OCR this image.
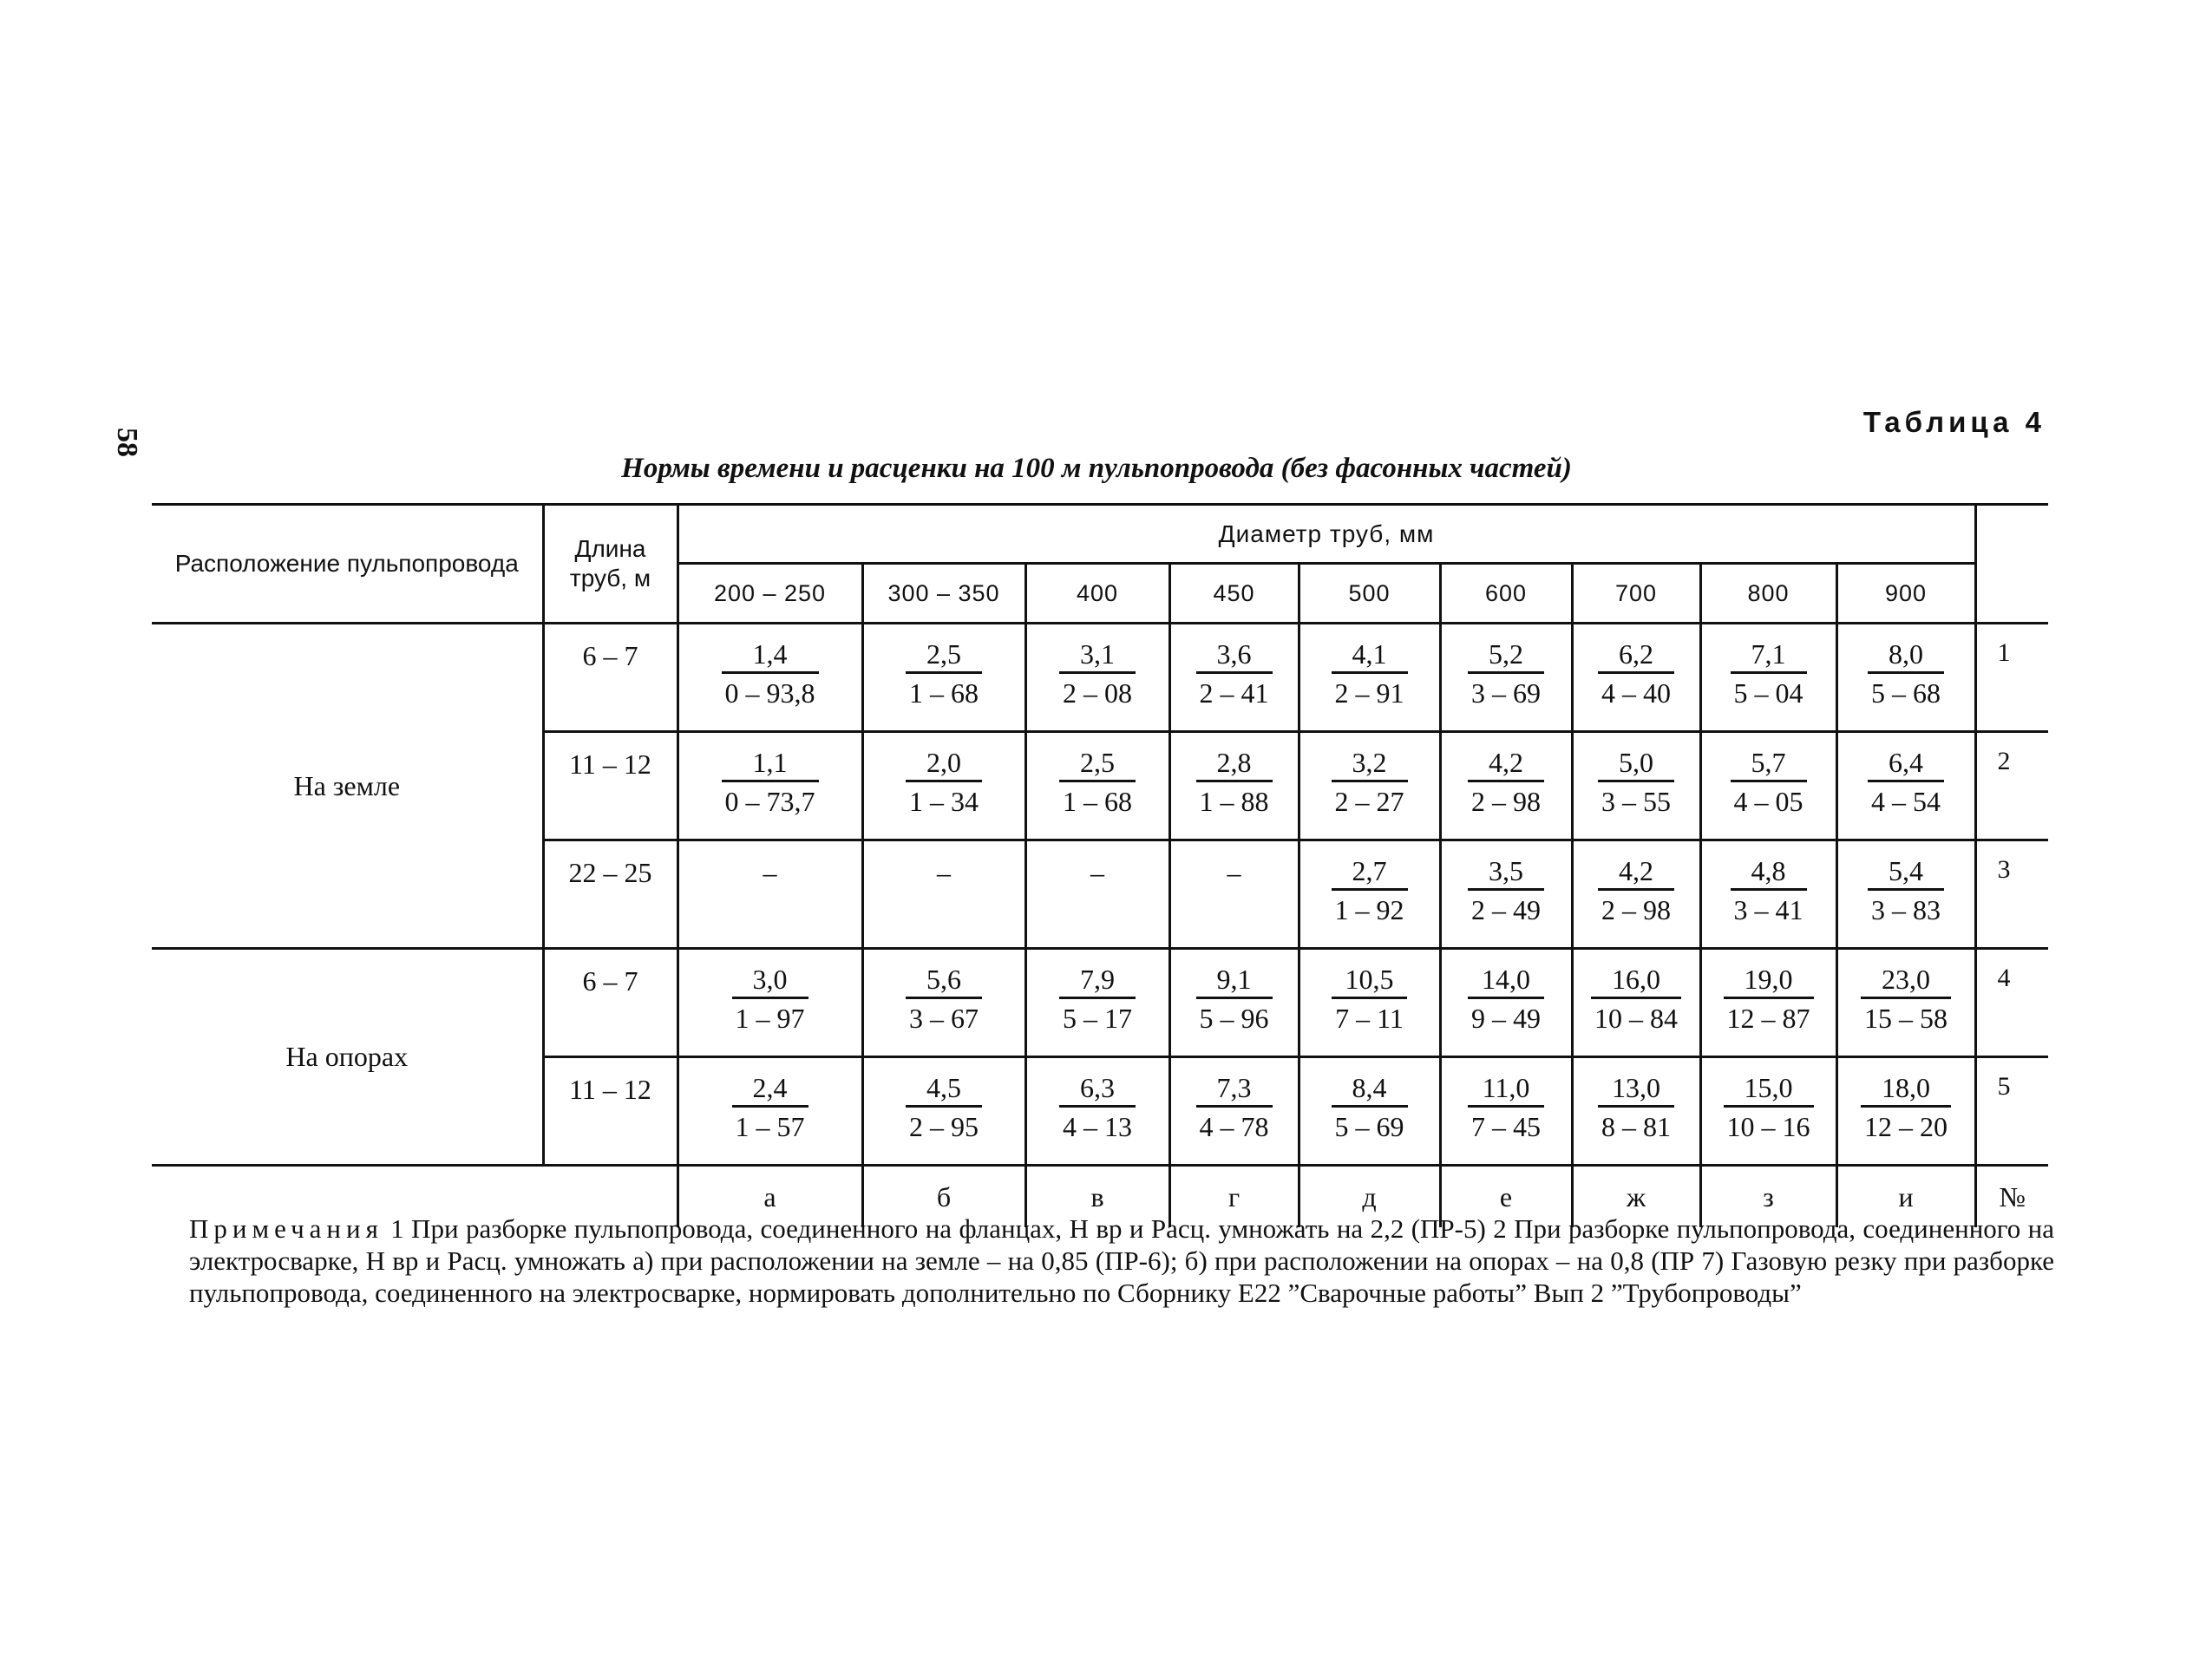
58
Таблица 4
Нормы времени и расценки на 100 м пульпопровода (без фасонных частей)
Расположение пульпопровода	Длина труб, м	Диаметр труб, мм									
		200 – 250	300 – 350	400	450	500	600	700	800	900	
На земле	6 – 7	$\frac{1,4}{0 - 93,8}$	$\frac{2,5}{1 - 68}$	$\frac{3,1}{2 - 08}$	$\frac{3,6}{2 - 41}$	$\frac{4,1}{2 - 91}$	$\frac{5,2}{3 - 69}$	$\frac{6,2}{4 - 40}$	$\frac{7,1}{5 - 04}$	$\frac{8,0}{5 - 68}$	1
	11 – 12	$\frac{1,1}{0 - 73,7}$	$\frac{2,0}{1 - 34}$	$\frac{2,5}{1 - 68}$	$\frac{2,8}{1 - 88}$	$\frac{3,2}{2 - 27}$	$\frac{4,2}{2 - 98}$	$\frac{5,0}{3 - 55}$	$\frac{5,7}{4 - 05}$	$\frac{6,4}{4 - 54}$	2
	22 – 25	–	–	–	–	$\frac{2,7}{1 - 92}$	$\frac{3,5}{2 - 49}$	$\frac{4,2}{2 - 98}$	$\frac{4,8}{3 - 41}$	$\frac{5,4}{3 - 83}$	3
На опорах	6 – 7	$\frac{3,0}{1 - 97}$	$\frac{5,6}{3 - 67}$	$\frac{7,9}{5 - 17}$	$\frac{9,1}{5 - 96}$	$\frac{10,5}{7 - 11}$	$\frac{14,0}{9 - 49}$	$\frac{16,0}{10 - 84}$	$\frac{19,0}{12 - 87}$	$\frac{23,0}{15 - 58}$	4
	11 – 12	$\frac{2,4}{1 - 57}$	$\frac{4,5}{2 - 95}$	$\frac{6,3}{4 - 13}$	$\frac{7,3}{4 - 78}$	$\frac{8,4}{5 - 69}$	$\frac{11,0}{7 - 45}$	$\frac{13,0}{8 - 81}$	$\frac{15,0}{10 - 16}$	$\frac{18,0}{12 - 20}$	5
		а	б	в	г	д	е	ж	з	и	№
Примечания 1 При разборке пульпопровода, соединенного на фланцах, Н вр и Расц. умножать на 2,2 (ПР-5) 2 При разборке пульпопровода, соединенного на электросварке, Н вр и Расц. умножать а) при расположении на земле – на 0,85 (ПР-6); б) при расположении на опорах – на 0,8 (ПР 7) Газовую резку при разборке пульпопровода, соединенного на электросварке, нормировать дополнительно по Сборнику Е22 ”Сварочные работы” Вып 2 ”Трубопроводы”
